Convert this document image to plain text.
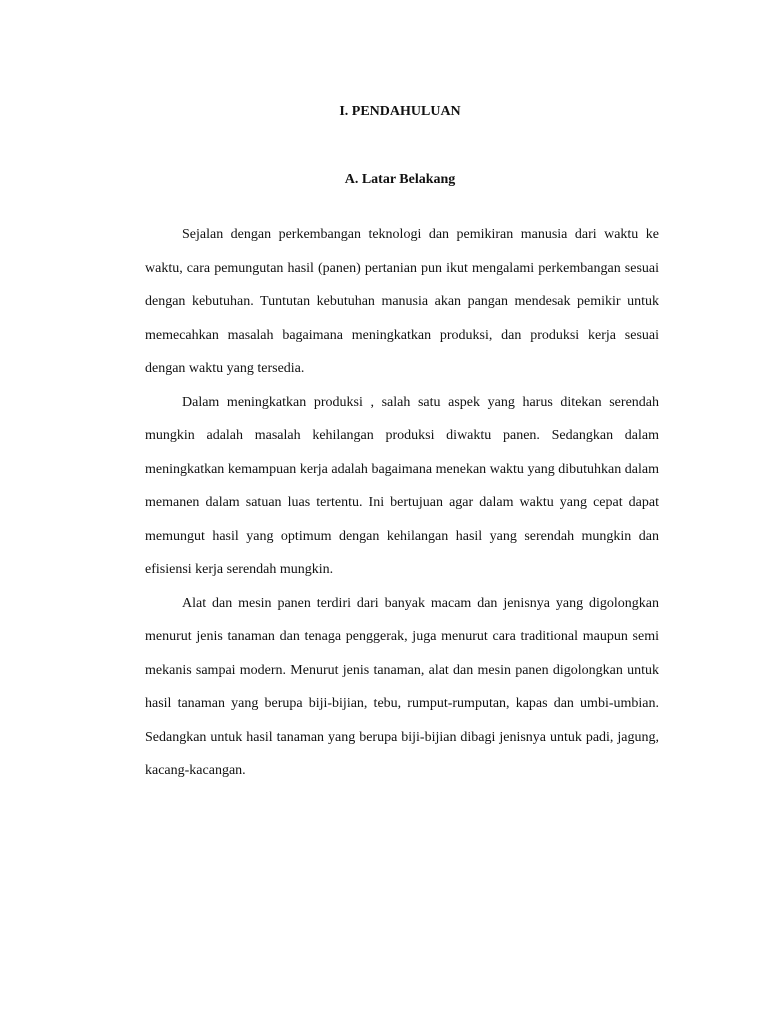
I. PENDAHULUAN
A. Latar Belakang

Sejalan dengan perkembangan teknologi dan pemikiran manusia dari waktu ke waktu, cara pemungutan hasil (panen) pertanian pun ikut mengalami perkembangan sesuai dengan kebutuhan. Tuntutan kebutuhan manusia akan pangan mendesak pemikir untuk memecahkan masalah bagaimana meningkatkan produksi, dan produksi kerja sesuai dengan waktu yang tersedia.

Dalam meningkatkan produksi , salah satu aspek yang harus ditekan serendah mungkin adalah masalah kehilangan produksi diwaktu panen. Sedangkan dalam meningkatkan kemampuan kerja adalah bagaimana menekan waktu yang dibutuhkan dalam memanen dalam satuan luas tertentu. Ini bertujuan agar dalam waktu yang cepat dapat memungut hasil yang optimum dengan kehilangan hasil yang serendah mungkin dan efisiensi kerja serendah mungkin.

Alat dan mesin panen terdiri dari banyak macam dan jenisnya yang digolongkan menurut jenis tanaman dan tenaga penggerak, juga menurut cara traditional maupun semi mekanis sampai modern. Menurut jenis tanaman, alat dan mesin panen digolongkan untuk hasil tanaman yang berupa biji-bijian, tebu, rumput-rumputan, kapas dan umbi-umbian. Sedangkan untuk hasil tanaman yang berupa biji-bijian dibagi jenisnya untuk padi, jagung, kacang-kacangan.
